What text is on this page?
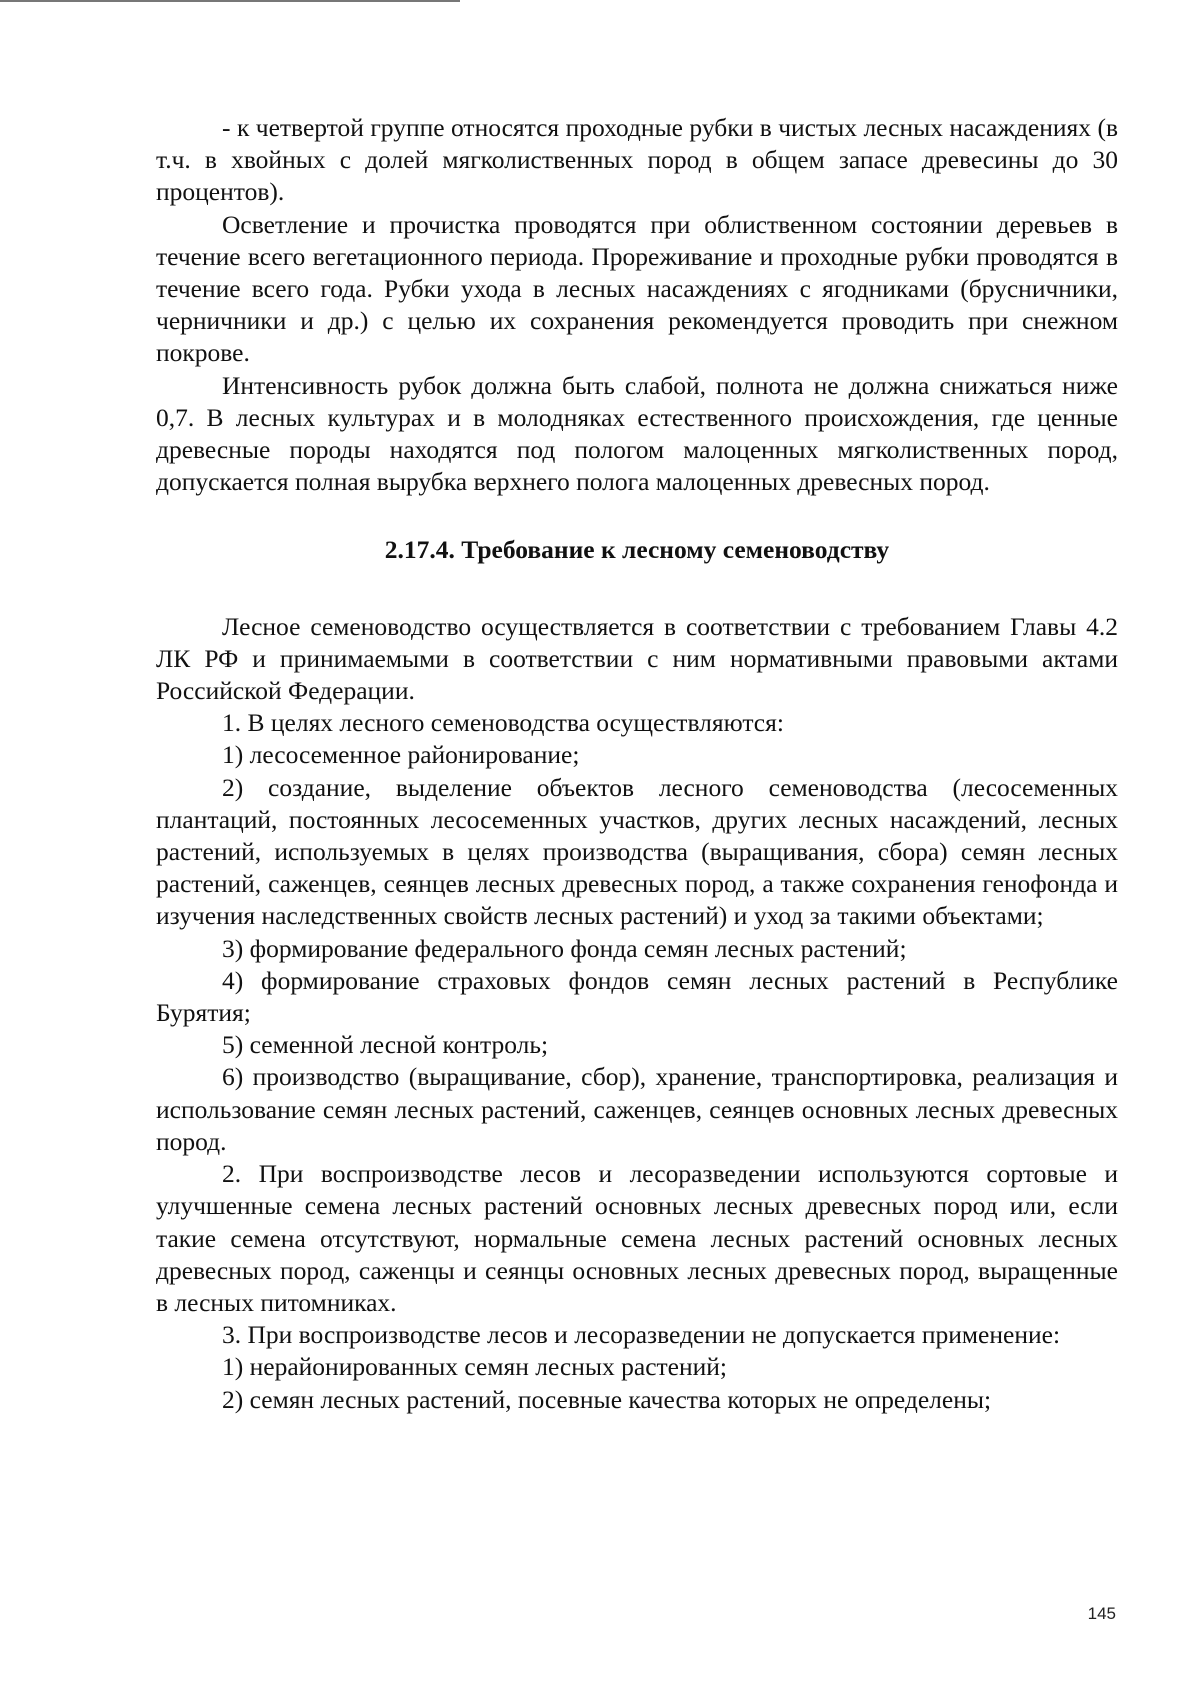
- к четвертой группе относятся проходные рубки в чистых лесных насаждениях (в т.ч. в хвойных с долей мягколиственных пород в общем запасе древесины до 30 процентов).

Осветление и прочистка проводятся при облиственном состоянии деревьев в течение всего вегетационного периода. Прореживание и проходные рубки проводятся в течение всего года. Рубки ухода в лесных насаждениях с ягодниками (брусничники, черничники и др.) с целью их сохранения рекомендуется проводить при снежном покрове.

Интенсивность рубок должна быть слабой, полнота не должна снижаться ниже 0,7. В лесных культурах и в молодняках естественного происхождения, где ценные древесные породы находятся под пологом малоценных мягколиственных пород, допускается полная вырубка верхнего полога малоценных древесных пород.

2.17.4. Требование к лесному семеноводству

Лесное семеноводство осуществляется в соответствии с требованием Главы 4.2 ЛК РФ и принимаемыми в соответствии с ним нормативными правовыми актами Российской Федерации.

1. В целях лесного семеноводства осуществляются:

1) лесосеменное районирование;

2) создание, выделение объектов лесного семеноводства (лесосеменных плантаций, постоянных лесосеменных участков, других лесных насаждений, лесных растений, используемых в целях производства (выращивания, сбора) семян лесных растений, саженцев, сеянцев лесных древесных пород, а также сохранения генофонда и изучения наследственных свойств лесных растений) и уход за такими объектами;

3) формирование федерального фонда семян лесных растений;

4) формирование страховых фондов семян лесных растений в Республике Бурятия;

5) семенной лесной контроль;

6) производство (выращивание, сбор), хранение, транспортировка, реализация и использование семян лесных растений, саженцев, сеянцев основных лесных древесных пород.

2. При воспроизводстве лесов и лесоразведении используются сортовые и улучшенные семена лесных растений основных лесных древесных пород или, если такие семена отсутствуют, нормальные семена лесных растений основных лесных древесных пород, саженцы и сеянцы основных лесных древесных пород, выращенные в лесных питомниках.

3. При воспроизводстве лесов и лесоразведении не допускается применение:

1) нерайонированных семян лесных растений;

2) семян лесных растений, посевные качества которых не определены;

145
